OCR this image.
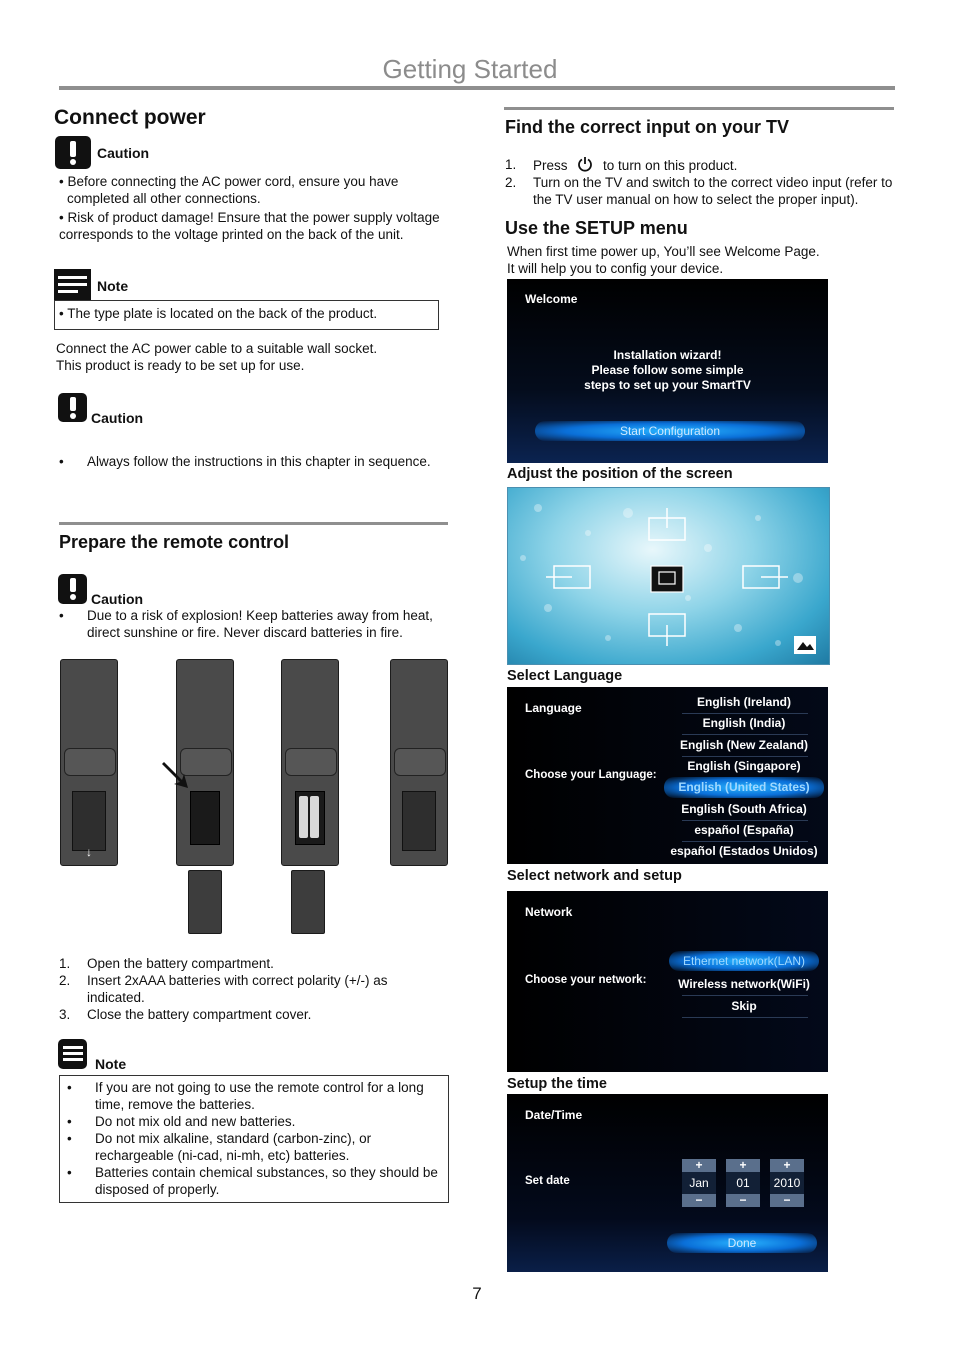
Getting Started
Connect power
Caution
• Before connecting the AC power cord, ensure you have completed all other connections.
• Risk of product damage! Ensure that the power supply voltage corresponds to the voltage printed on the back of the unit.
Note
• The type plate is located on the back of the product.
Connect the AC power cable to a suitable wall socket.
This product is ready to be set up for use.
Caution
• Always follow the instructions in this chapter in sequence.
Prepare the remote control
Caution
• Due to a risk of explosion! Keep batteries away from heat, direct sunshine or fire. Never discard batteries in fire.
↓
1. Open the battery compartment.
2. Insert 2xAAA batteries with correct polarity (+/-) as indicated.
3. Close the battery compartment cover.
Note
• If you are not going to use the remote control for a long time, remove the batteries.
• Do not mix old and new batteries.
• Do not mix alkaline, standard (carbon-zinc), or rechargeable (ni-cad, ni-mh, etc) batteries.
• Batteries contain chemical substances, so they should be disposed of properly.
Find the correct input on your TV
1. Press	to turn on this product.
2. Turn on the TV and switch to the correct video input (refer to the TV user manual on how to select the proper input).
Use the SETUP menu
When first time power up, You’ll see Welcome Page.
It will help you to config your device.
Welcome
Installation wizard!
Please follow some simple
steps to set up your SmartTV
Start Configuration
Adjust the position of the screen
Select Language
Language
Choose your Language:
English (Ireland)
English (India)
English (New Zealand)
English (Singapore)
English (United States)
English (South Africa)
español (España)
español (Estados Unidos)
Select network and setup
Network
Choose your network:
Ethernet network(LAN)
Wireless network(WiFi)
Skip
Setup the time
Date/Time
Set date
+
Jan
−
+
01
−
+
2010
−
Done
7
